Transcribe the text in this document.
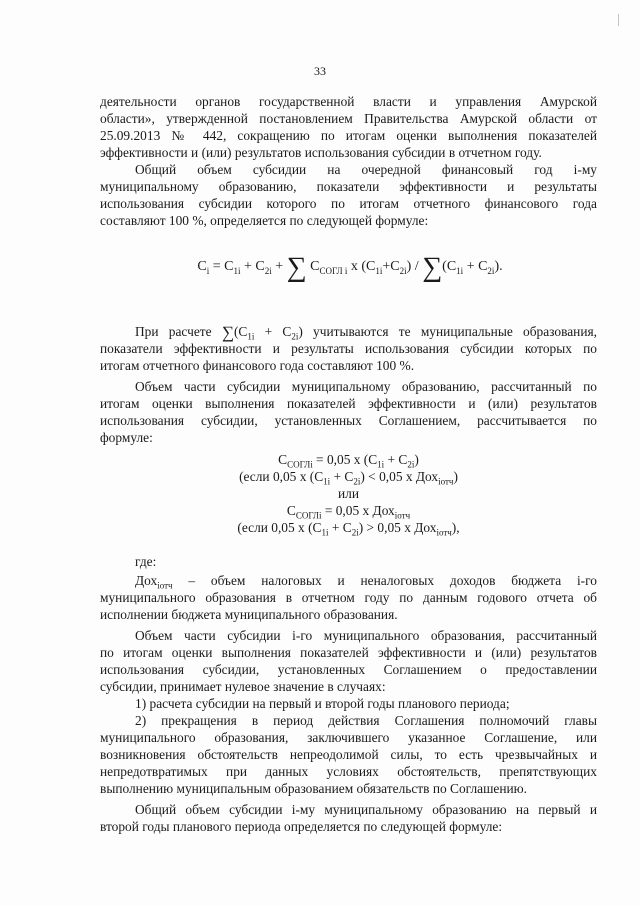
33
деятельности органов государственной власти и управления Амурской
области», утвержденной постановлением Правительства Амурской области от
25.09.2013 № 442, сокращению по итогам оценки выполнения показателей
эффективности и (или) результатов использования субсидии в отчетном году.
Общий объем субсидии на очередной финансовый год i-му
муниципальному образованию, показатели эффективности и результаты
использования субсидии которого по итогам отчетного финансового года
составляют 100 %, определяется по следующей формуле:
$C_i = C_{1i} + C_{2i}$ + ∑ $C_{СОГЛ i}$ x $(C_{1i}+C_{2i}) / \sum(C_{1i} + C_{2i})$.
При расчете $\sum(C_{1i} + C_{2i})$ учитываются те муниципальные образования,
показатели эффективности и результаты использования субсидии которых по
итогам отчетного финансового года составляют 100 %.
Объем части субсидии муниципальному образованию, рассчитанный по
итогам оценки выполнения показателей эффективности и (или) результатов
использования субсидии, установленных Соглашением, рассчитывается по
формуле:
$C_{СОГЛi} = 0,05$ x $(C_{1i} + C_{2i})$
(если 0,05 x $(C_{1i} + C_{2i}) < 0,05$ x Дох$_{iотч}$)
или
$C_{СОГЛi} = 0,05$ x Дох$_{iотч}$
(если 0,05 x $(C_{1i} + C_{2i}) > 0,05$ x Дох$_{iотч}$),
где:
Дох$_{iотч}$ – объем налоговых и неналоговых доходов бюджета i-го
муниципального образования в отчетном году по данным годового отчета об
исполнении бюджета муниципального образования.
Объем части субсидии i-го муниципального образования, рассчитанный
по итогам оценки выполнения показателей эффективности и (или) результатов
использования субсидии, установленных Соглашением о предоставлении
субсидии, принимает нулевое значение в случаях:
1) расчета субсидии на первый и второй годы планового периода;
2) прекращения в период действия Соглашения полномочий главы
муниципального образования, заключившего указанное Соглашение, или
возникновения обстоятельств непреодолимой силы, то есть чрезвычайных и
непредотвратимых при данных условиях обстоятельств, препятствующих
выполнению муниципальным образованием обязательств по Соглашению.
Общий объем субсидии i-му муниципальному образованию на первый и
второй годы планового периода определяется по следующей формуле:
